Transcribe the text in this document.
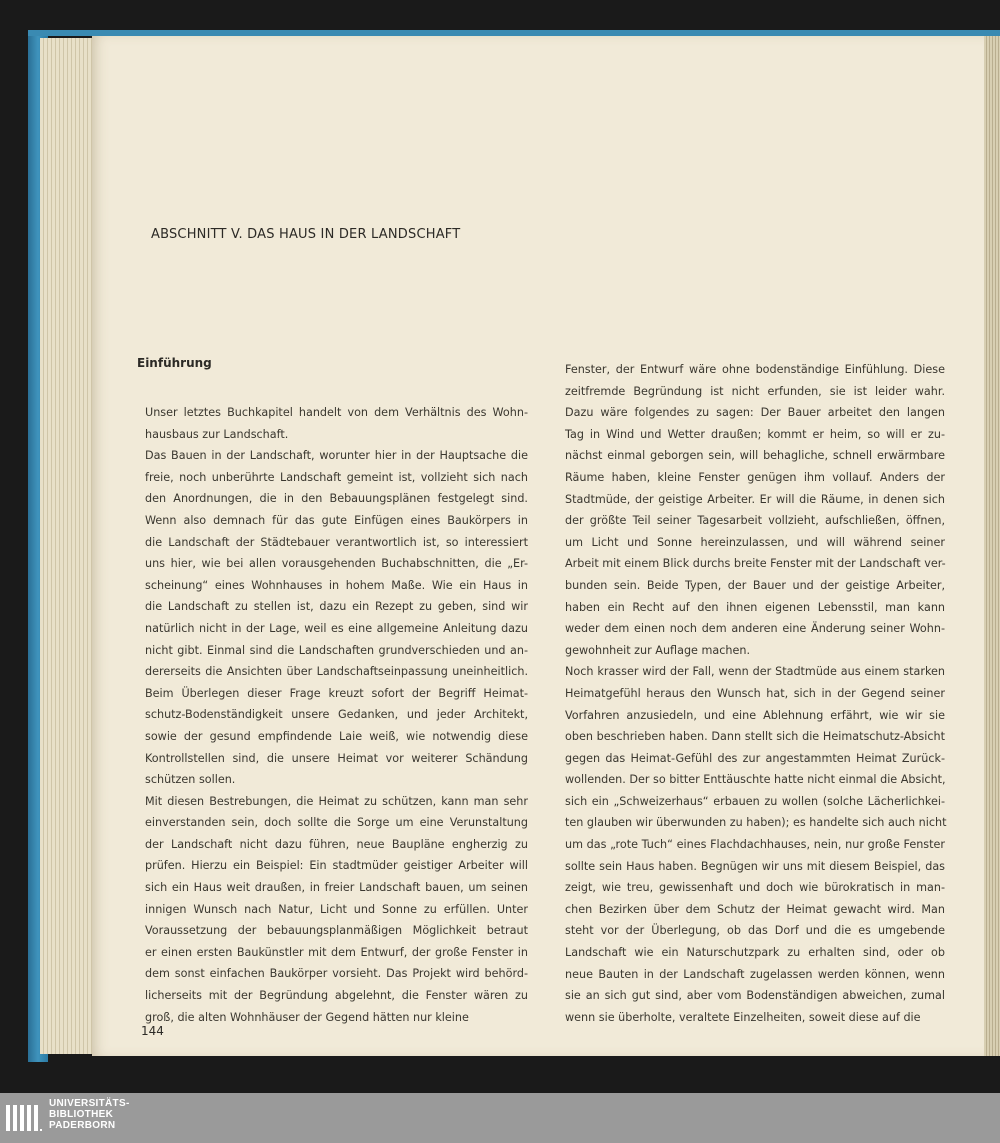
ABSCHNITT V. DAS HAUS IN DER LANDSCHAFT
Einführung
Unser letztes Buchkapitel handelt von dem Verhältnis des Wohn-
hausbaus zur Landschaft.
Das Bauen in der Landschaft, worunter hier in der Hauptsache die
freie, noch unberührte Landschaft gemeint ist, vollzieht sich nach
den Anordnungen, die in den Bebauungsplänen festgelegt sind.
Wenn also demnach für das gute Einfügen eines Baukörpers in
die Landschaft der Städtebauer verantwortlich ist, so interessiert
uns hier, wie bei allen vorausgehenden Buchabschnitten, die „Er-
scheinung“ eines Wohnhauses in hohem Maße. Wie ein Haus in
die Landschaft zu stellen ist, dazu ein Rezept zu geben, sind wir
natürlich nicht in der Lage, weil es eine allgemeine Anleitung dazu
nicht gibt. Einmal sind die Landschaften grundverschieden und an-
dererseits die Ansichten über Landschaftseinpassung uneinheitlich.
Beim Überlegen dieser Frage kreuzt sofort der Begriff Heimat-
schutz-Bodenständigkeit unsere Gedanken, und jeder Architekt,
sowie der gesund empfindende Laie weiß, wie notwendig diese
Kontrollstellen sind, die unsere Heimat vor weiterer Schändung
schützen sollen.
Mit diesen Bestrebungen, die Heimat zu schützen, kann man sehr
einverstanden sein, doch sollte die Sorge um eine Verunstaltung
der Landschaft nicht dazu führen, neue Baupläne engherzig zu
prüfen. Hierzu ein Beispiel: Ein stadtmüder geistiger Arbeiter will
sich ein Haus weit draußen, in freier Landschaft bauen, um seinen
innigen Wunsch nach Natur, Licht und Sonne zu erfüllen. Unter
Voraussetzung der bebauungsplanmäßigen Möglichkeit betraut
er einen ersten Baukünstler mit dem Entwurf, der große Fenster in
dem sonst einfachen Baukörper vorsieht. Das Projekt wird behörd-
licherseits mit der Begründung abgelehnt, die Fenster wären zu
groß, die alten Wohnhäuser der Gegend hätten nur kleine
Fenster, der Entwurf wäre ohne bodenständige Einfühlung. Diese
zeitfremde Begründung ist nicht erfunden, sie ist leider wahr.
Dazu wäre folgendes zu sagen: Der Bauer arbeitet den langen
Tag in Wind und Wetter draußen; kommt er heim, so will er zu-
nächst einmal geborgen sein, will behagliche, schnell erwärmbare
Räume haben, kleine Fenster genügen ihm vollauf. Anders der
Stadtmüde, der geistige Arbeiter. Er will die Räume, in denen sich
der größte Teil seiner Tagesarbeit vollzieht, aufschließen, öffnen,
um Licht und Sonne hereinzulassen, und will während seiner
Arbeit mit einem Blick durchs breite Fenster mit der Landschaft ver-
bunden sein. Beide Typen, der Bauer und der geistige Arbeiter,
haben ein Recht auf den ihnen eigenen Lebensstil, man kann
weder dem einen noch dem anderen eine Änderung seiner Wohn-
gewohnheit zur Auflage machen.
Noch krasser wird der Fall, wenn der Stadtmüde aus einem starken
Heimatgefühl heraus den Wunsch hat, sich in der Gegend seiner
Vorfahren anzusiedeln, und eine Ablehnung erfährt, wie wir sie
oben beschrieben haben. Dann stellt sich die Heimatschutz-Absicht
gegen das Heimat-Gefühl des zur angestammten Heimat Zurück-
wollenden. Der so bitter Enttäuschte hatte nicht einmal die Absicht,
sich ein „Schweizerhaus“ erbauen zu wollen (solche Lächerlichkei-
ten glauben wir überwunden zu haben); es handelte sich auch nicht
um das „rote Tuch“ eines Flachdachhauses, nein, nur große Fenster
sollte sein Haus haben. Begnügen wir uns mit diesem Beispiel, das
zeigt, wie treu, gewissenhaft und doch wie bürokratisch in man-
chen Bezirken über dem Schutz der Heimat gewacht wird. Man
steht vor der Überlegung, ob das Dorf und die es umgebende
Landschaft wie ein Naturschutzpark zu erhalten sind, oder ob
neue Bauten in der Landschaft zugelassen werden können, wenn
sie an sich gut sind, aber vom Bodenständigen abweichen, zumal
wenn sie überholte, veraltete Einzelheiten, soweit diese auf die
144
UNIVERSITÄTS-
BIBLIOTHEK
PADERBORN
